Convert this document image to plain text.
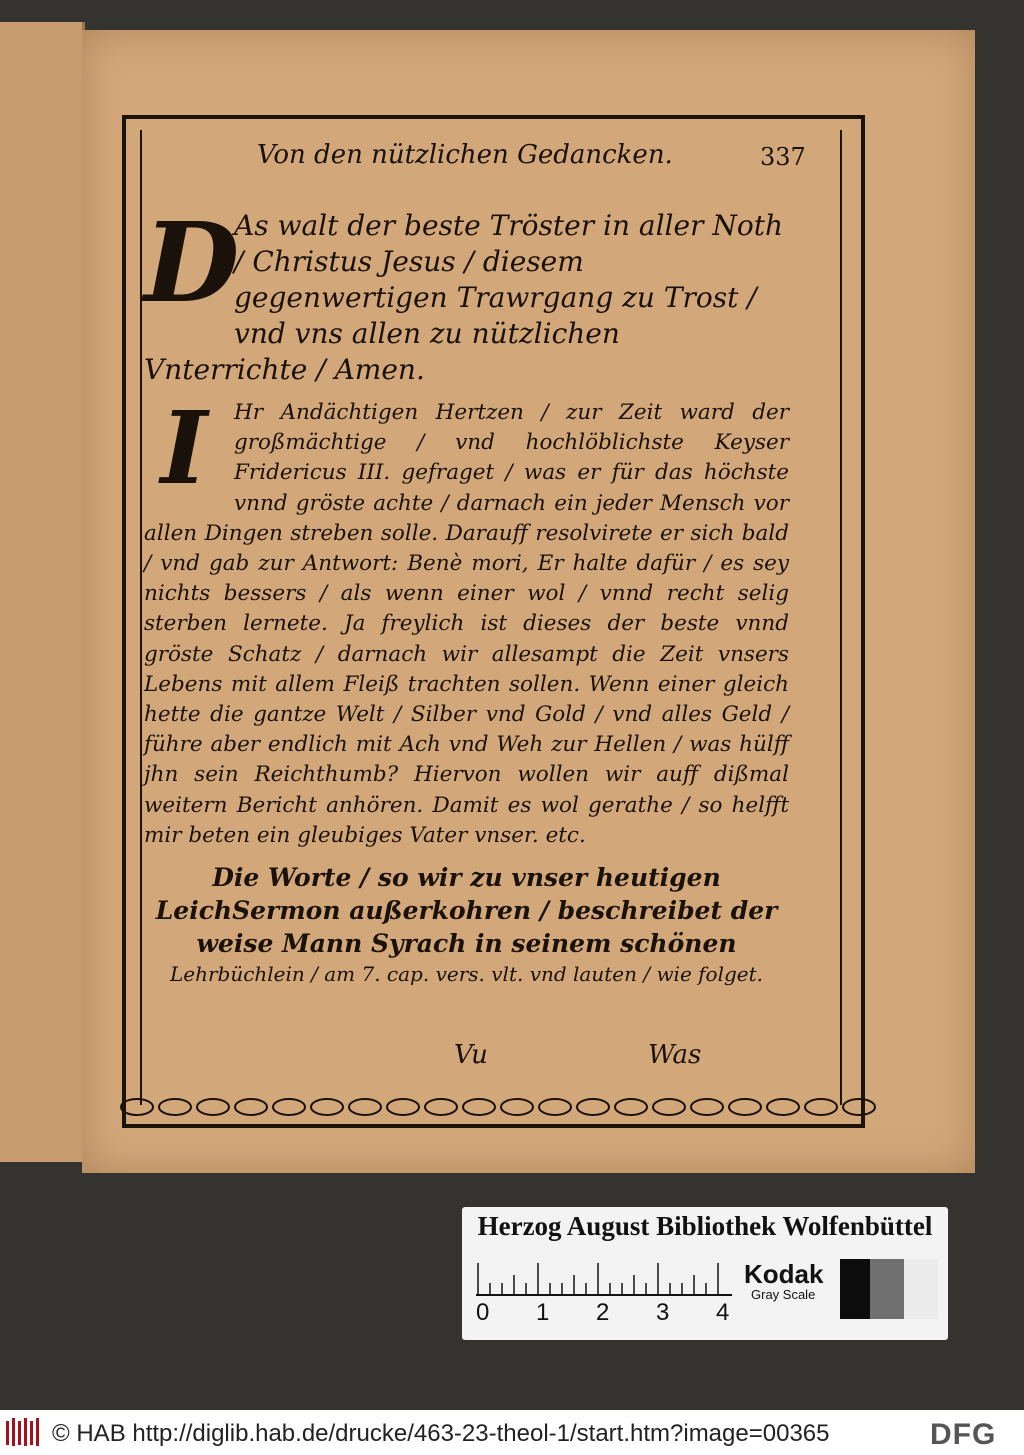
Von den nützlichen Gedancken.	337
D
As walt der beste Tröster in aller Noth / Christus Jesus / diesem gegenwertigen Trawrgang zu Trost / vnd vns allen zu nützlichen Vnterrichte / Amen.
I	Hr Andächtigen Hertzen / zur Zeit ward der großmächtige / vnd hochlöblichste Keyser Fridericus III. gefraget / was er für das höchste vnnd gröste achte / darnach ein jeder Mensch vor allen Dingen streben solle. Darauff resolvirete er sich bald / vnd gab zur Antwort: Benè mori, Er halte dafür / es sey nichts bessers / als wenn einer wol / vnnd recht selig sterben lernete. Ja freylich ist dieses der beste vnnd gröste Schatz / darnach wir allesampt die Zeit vnsers Lebens mit allem Fleiß trachten sollen. Wenn einer gleich hette die gantze Welt / Silber vnd Gold / vnd alles Geld / führe aber endlich mit Ach vnd Weh zur Hellen / was hülff jhn sein Reichthumb? Hiervon wollen wir auff dißmal weitern Bericht anhören. Damit es wol gerathe / so helfft mir beten ein gleubiges Vater vnser. etc.
Die Worte / so wir zu vnser heutigen LeichSermon außerkohren / beschreibet der weise Mann Syrach in seinem schönen
Lehrbüchlein / am 7. cap. vers. vlt. vnd lauten / wie folget.
Vu	Was
Herzog August Bibliothek Wolfenbüttel
0 1 2 3 4
Kodak
Gray Scale
© HAB http://diglib.hab.de/drucke/463-23-theol-1/start.htm?image=00365	DFG
